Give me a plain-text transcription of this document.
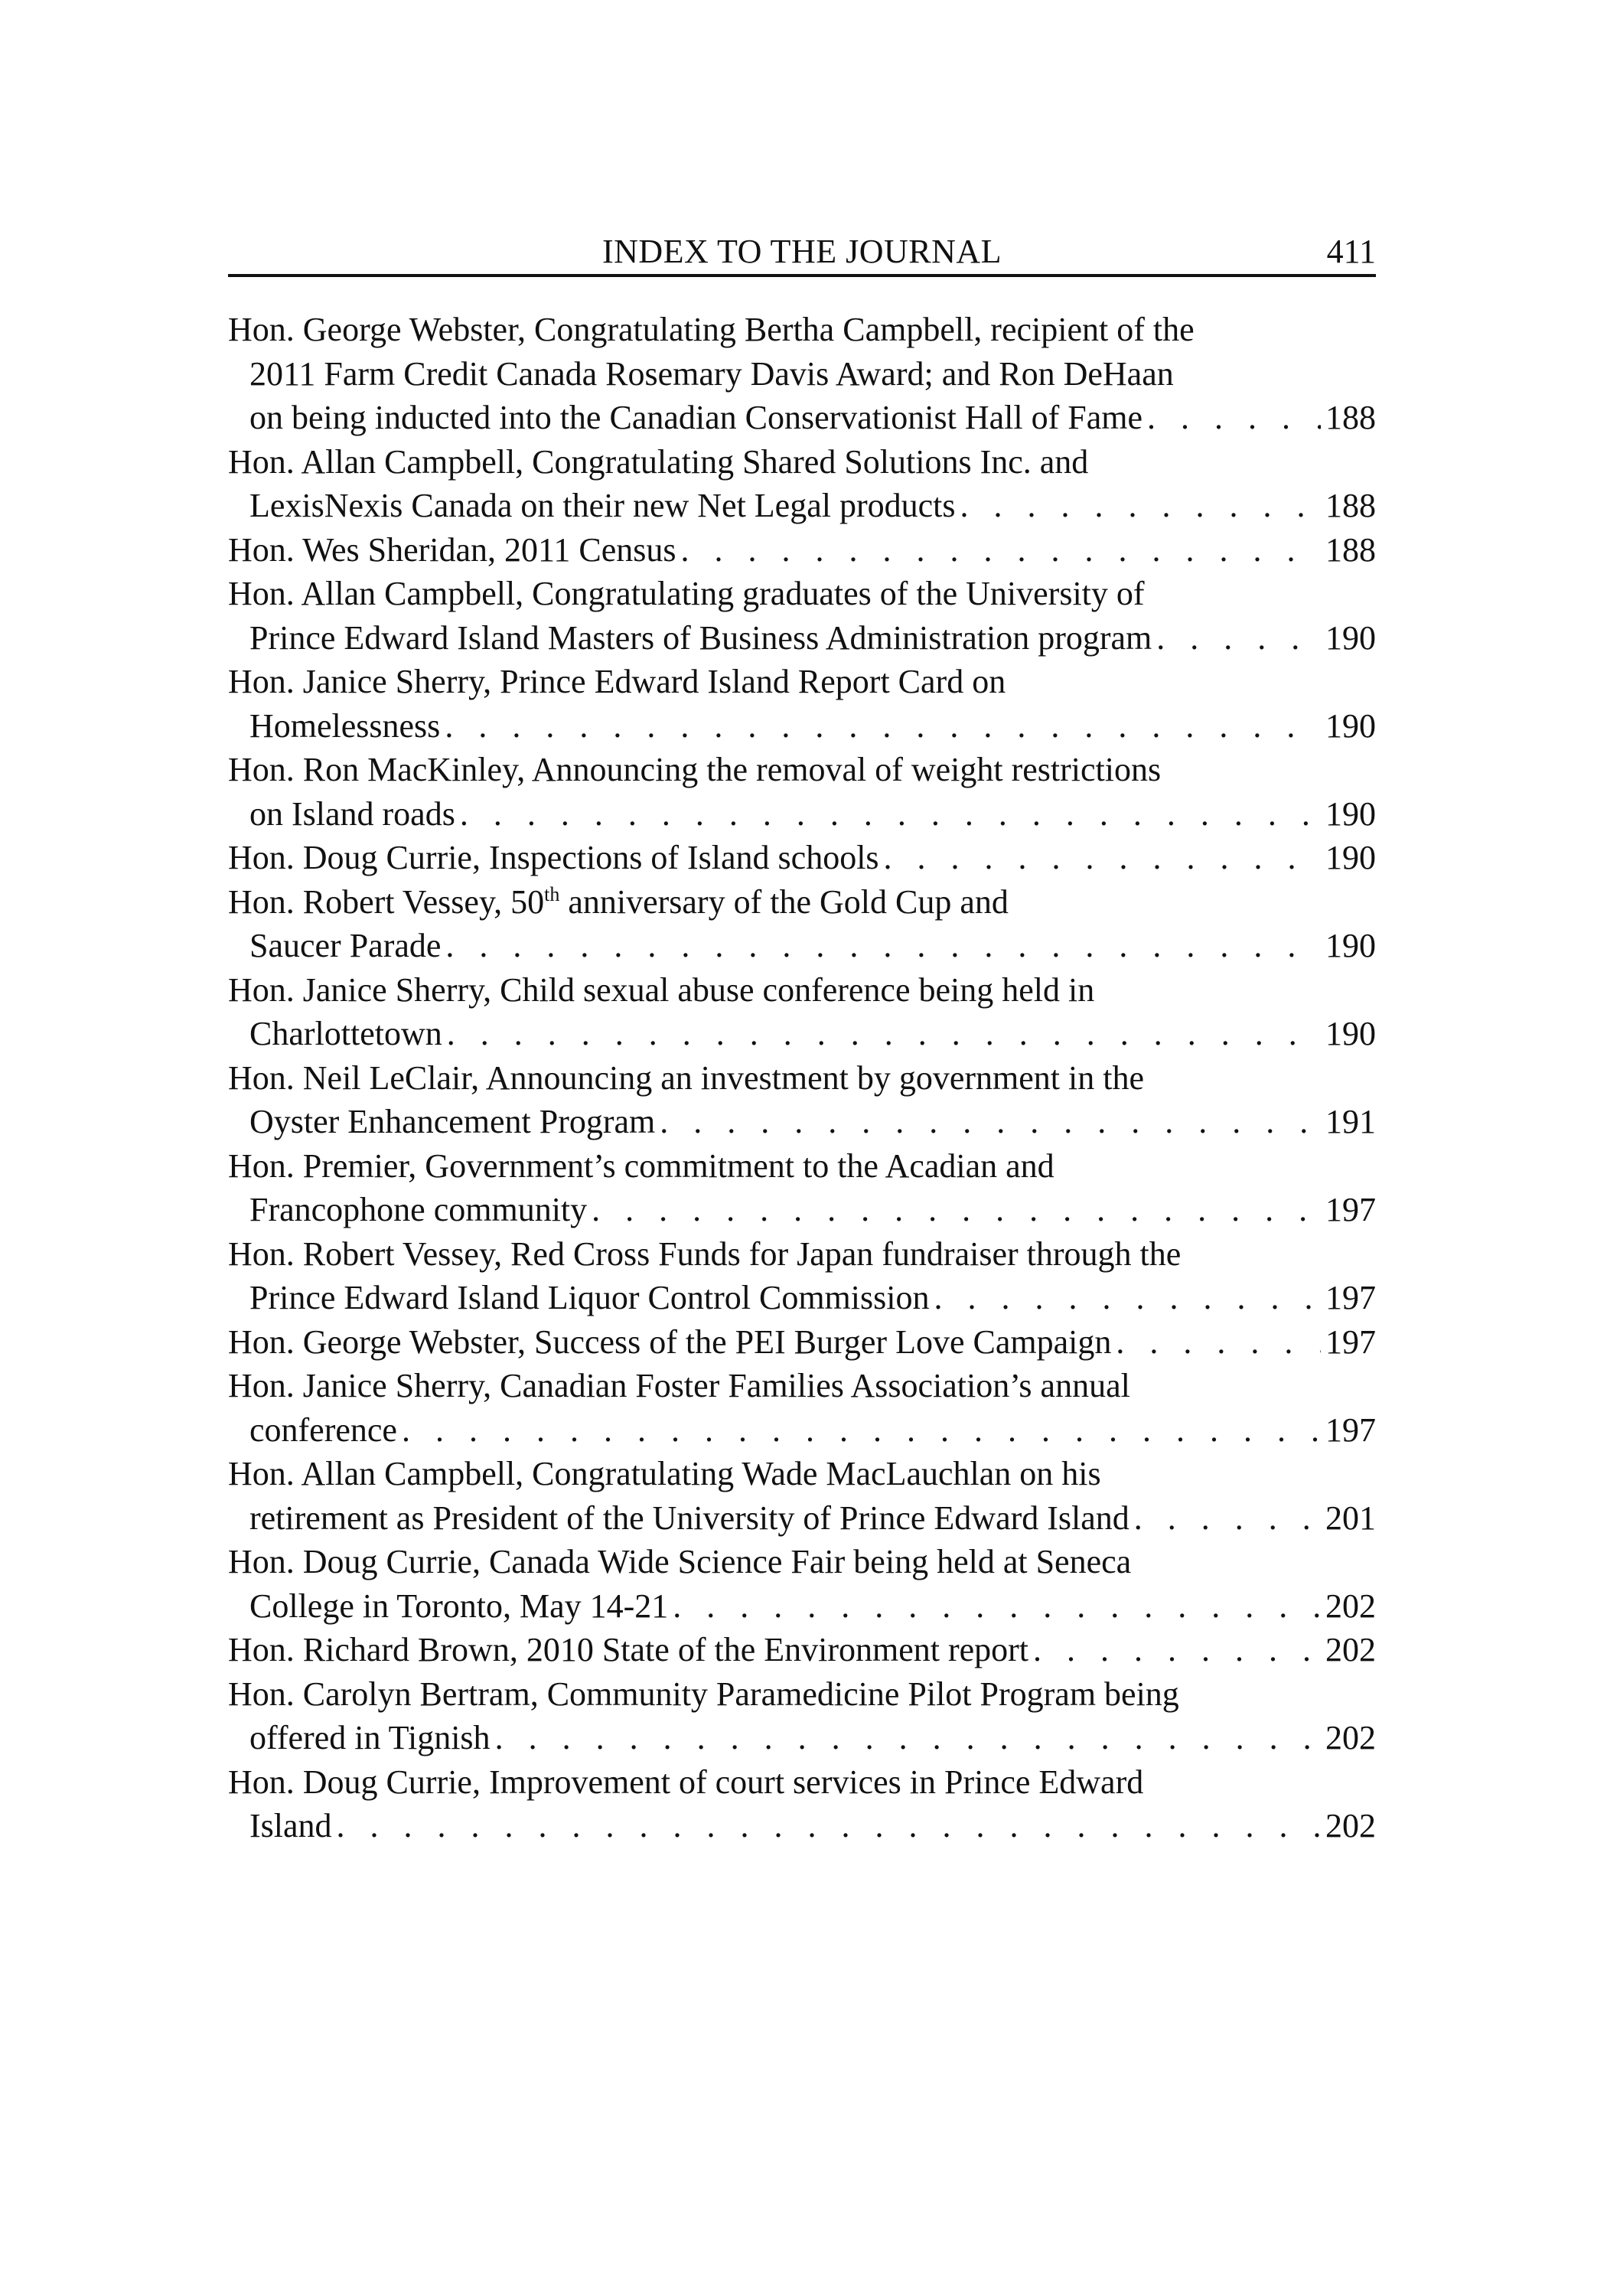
INDEX TO THE JOURNAL	411
Hon. George Webster, Congratulating Bertha Campbell, recipient of the
2011 Farm Credit Canada Rosemary Davis Award; and Ron DeHaan
on being inducted into the Canadian Conservationist Hall of Fame . . .	188
Hon. Allan Campbell, Congratulating Shared Solutions Inc. and
LexisNexis Canada on their new Net Legal products . . .	188
Hon. Wes Sheridan, 2011 Census . . .	188
Hon. Allan Campbell, Congratulating graduates of the University of
Prince Edward Island Masters of Business Administration program . . .	190
Hon. Janice Sherry, Prince Edward Island Report Card on
Homelessness . . .	190
Hon. Ron MacKinley, Announcing the removal of weight restrictions
on Island roads . . .	190
Hon. Doug Currie, Inspections of Island schools . . .	190
Hon. Robert Vessey, 50th anniversary of the Gold Cup and
Saucer Parade . . .	190
Hon. Janice Sherry, Child sexual abuse conference being held in
Charlottetown . . .	190
Hon. Neil LeClair, Announcing an investment by government in the
Oyster Enhancement Program . . .	191
Hon. Premier, Government’s commitment to the Acadian and
Francophone community . . .	197
Hon. Robert Vessey, Red Cross Funds for Japan fundraiser through the
Prince Edward Island Liquor Control Commission . . .	197
Hon. George Webster, Success of the PEI Burger Love Campaign . . .	197
Hon. Janice Sherry, Canadian Foster Families Association’s annual
conference . . .	197
Hon. Allan Campbell, Congratulating Wade MacLauchlan on his
retirement as President of the University of Prince Edward Island . . .	201
Hon. Doug Currie, Canada Wide Science Fair being held at Seneca
College in Toronto, May 14-21 . . .	202
Hon. Richard Brown, 2010 State of the Environment report . . .	202
Hon. Carolyn Bertram, Community Paramedicine Pilot Program being
offered in Tignish . . .	202
Hon. Doug Currie, Improvement of court services in Prince Edward
Island . . .	202
